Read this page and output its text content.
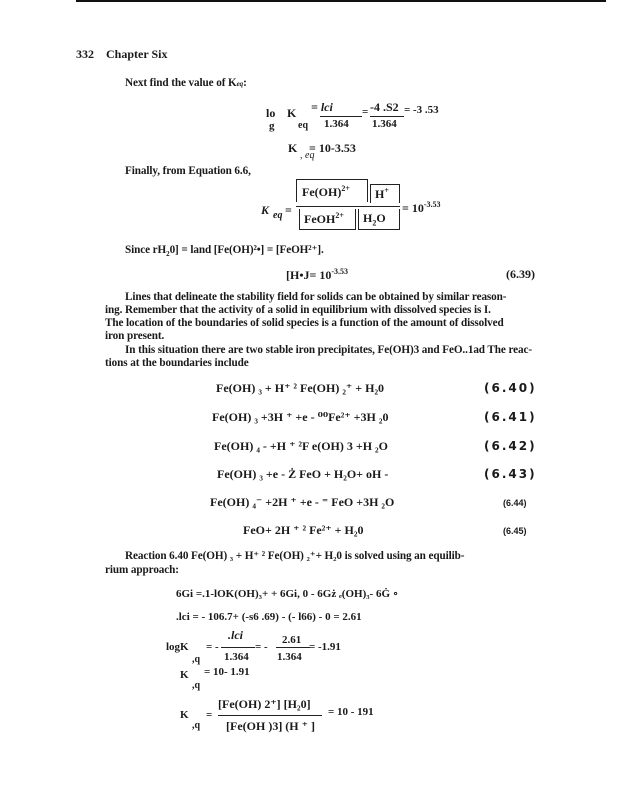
332 Chapter Six
Next find the value of Keq:
lo
g
K
eq
= lci
1.364
= -4 .S2
1.364
= -3 .53
K
, eq
= 10-3.53
Finally, from Equation 6.6,
K eq =
Fe(OH)$^{2+}$ H+
FeOH$^{2+}$ $H_2O$
= $10^{-3.53}$
Since $rH_20$] = land [Fe(OH)²•] = [FeOH²⁺].
[H•J= $10^{-3.53}$	(6.39)
Lines that delineate the stability field for solids can be obtained by similar reason-
ing. Remember that the activity of a solid in equilibrium with dissolved species is I.
The location of the boundaries of solid species is a function of the amount of dissolved
iron present.
In this situation there are two stable iron precipitates, Fe(OH)3 and FeO..1ad The reac-
tions at the boundaries include
Fe(OH) ₃ + H⁺ ² Fe(OH) ₂⁺ + H₂0	(6.40)
Fe(OH) ₃ +3H ⁺ +e - ⁰⁰Fe²⁺ +3H ₂0	(6.41)
Fe(OH) ₄ - +H ⁺ ²F e(OH) 3 +H ₂O	(6.42)
Fe(OH) ₃ +e - Ż FeO + H₂O+ oH -	(6.43)
Fe(OH) ₄⁻ +2H ⁺ +e - ⁼ FeO +3H ₂O	(6.44)
FeO+ 2H ⁺ ² Fe²⁺ + H₂0	(6.45)
Reaction 6.40 Fe(OH) ₃ + H⁺ ² Fe(OH) ₂⁺+ H₂0 is solved using an equilib-
rium approach:
6Gi =.1-lOK(OH)₃+ + 6Gi, 0 - 6Gż ₑ(OH)₃- 6Ġ ∘
.lci = - 106.7+ (-s6 .69) - (- l66) - 0 = 2.61
logK
,q
= -
.lci
1.364
= -
2.61
1.364
= -1.91
K
,q
= 10- 1.91
K
,q
=
[Fe(OH) 2⁺] [H₂0]
[Fe(OH )3] (H ⁺ ]
= 10 - 191
